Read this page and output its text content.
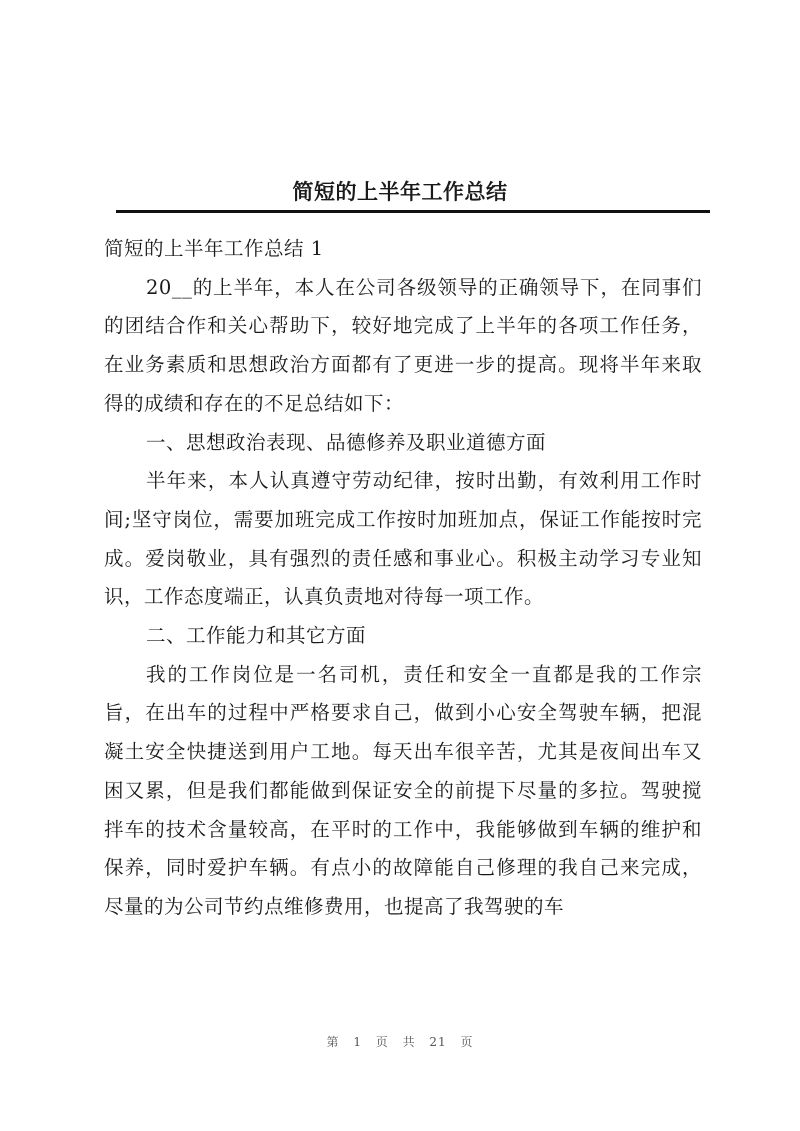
简短的上半年工作总结

简短的上半年工作总结 1

20__的上半年，本人在公司各级领导的正确领导下，在同事们的团结合作和关心帮助下，较好地完成了上半年的各项工作任务，在业务素质和思想政治方面都有了更进一步的提高。现将半年来取得的成绩和存在的不足总结如下：

一、思想政治表现、品德修养及职业道德方面

半年来，本人认真遵守劳动纪律，按时出勤，有效利用工作时间;坚守岗位，需要加班完成工作按时加班加点，保证工作能按时完成。爱岗敬业，具有强烈的责任感和事业心。积极主动学习专业知识，工作态度端正，认真负责地对待每一项工作。

二、工作能力和其它方面

我的工作岗位是一名司机，责任和安全一直都是我的工作宗旨，在出车的过程中严格要求自己，做到小心安全驾驶车辆，把混凝土安全快捷送到用户工地。每天出车很辛苦，尤其是夜间出车又困又累，但是我们都能做到保证安全的前提下尽量的多拉。驾驶搅拌车的技术含量较高，在平时的工作中，我能够做到车辆的维护和保养，同时爱护车辆。有点小的故障能自己修理的我自己来完成，尽量的为公司节约点维修费用，也提高了我驾驶的车

第 1 页 共 21 页
